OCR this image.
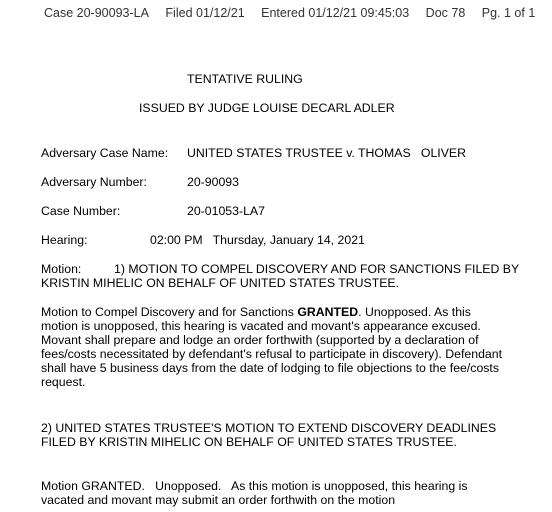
Case 20-90093-LA Filed 01/12/21 Entered 01/12/21 09:45:03 Doc 78 Pg. 1 of 1
TENTATIVE RULING
ISSUED BY JUDGE LOUISE DECARL ADLER
Adversary Case Name: UNITED STATES TRUSTEE v. THOMAS   OLIVER
Adversary Number:	20-90093
Case Number:	20-01053-LA7
Hearing:	02:00 PM   Thursday, January 14, 2021
Motion:	1) MOTION TO COMPEL DISCOVERY AND FOR SANCTIONS FILED BY
KRISTIN MIHELIC ON BEHALF OF UNITED STATES TRUSTEE.
Motion to Compel Discovery and for Sanctions GRANTED. Unopposed. As this motion is unopposed, this hearing is vacated and movant's appearance excused. Movant shall prepare and lodge an order forthwith (supported by a declaration of fees/costs necessitated by defendant's refusal to participate in discovery). Defendant shall have 5 business days from the date of lodging to file objections to the fee/costs request.
2) UNITED STATES TRUSTEE'S MOTION TO EXTEND DISCOVERY DEADLINES   FILED BY KRISTIN MIHELIC ON BEHALF OF UNITED STATES TRUSTEE.
Motion GRANTED.   Unopposed.   As this motion is unopposed, this hearing is vacated and movant may submit an order forthwith on the motion
